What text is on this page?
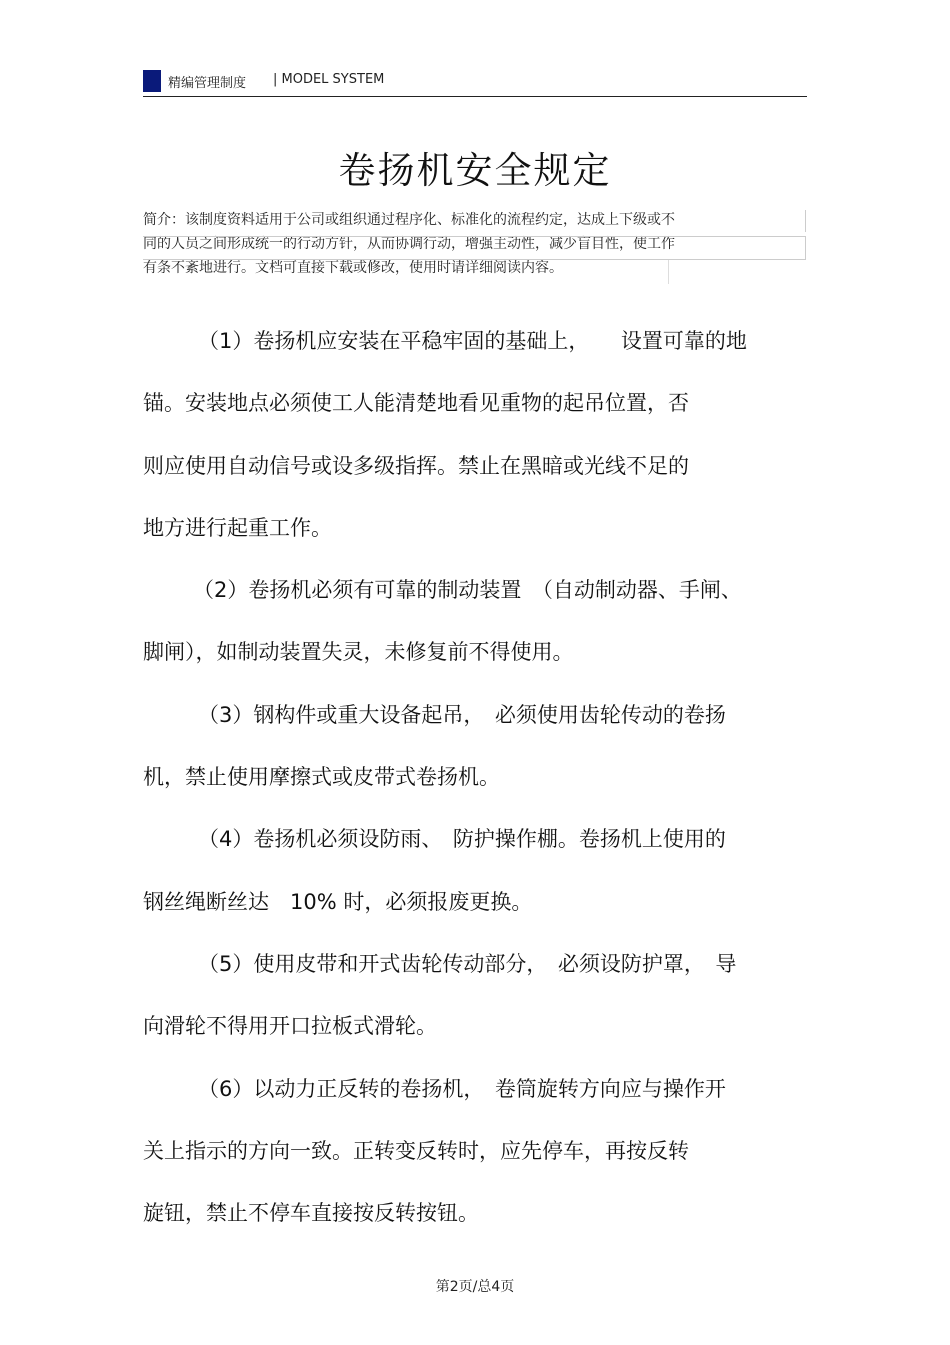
精编管理制度 | MODEL SYSTEM
卷扬机安全规定
简介：该制度资料适用于公司或组织通过程序化、标准化的流程约定，达成上下级或不
同的人员之间形成统一的行动方针，从而协调行动，增强主动性，减少盲目性，使工作
有条不紊地进行。文档可直接下载或修改，使用时请详细阅读内容。
（1）卷扬机应安装在平稳牢固的基础上，　　设置可靠的地
锚。安装地点必须使工人能清楚地看见重物的起吊位置，否
则应使用自动信号或设多级指挥。禁止在黑暗或光线不足的
地方进行起重工作。
（2）卷扬机必须有可靠的制动装置　（自动制动器、手闸、
脚闸），如制动装置失灵，未修复前不得使用。
（3）钢构件或重大设备起吊，　必须使用齿轮传动的卷扬
机，禁止使用摩擦式或皮带式卷扬机。
（4）卷扬机必须设防雨、　防护操作棚。卷扬机上使用的
钢丝绳断丝达　10% 时，必须报废更换。
（5）使用皮带和开式齿轮传动部分，　必须设防护罩，　导
向滑轮不得用开口拉板式滑轮。
（6）以动力正反转的卷扬机，　卷筒旋转方向应与操作开
关上指示的方向一致。正转变反转时，应先停车，再按反转
旋钮，禁止不停车直接按反转按钮。
第2页/总4页
